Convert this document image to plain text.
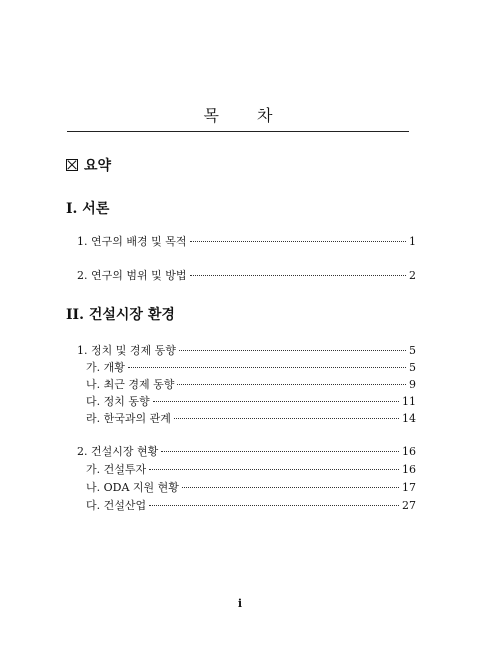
목 차
요약
I. 서론
1. 연구의 배경 및 목적	1
2. 연구의 범위 및 방법	2
II. 건설시장 환경
1. 정치 및 경제 동향	5
가. 개황	5
나. 최근 경제 동향	9
다. 정치 동향	11
라. 한국과의 관계	14
2. 건설시장 현황	16
가. 건설투자	16
나. ODA 지원 현황	17
다. 건설산업	27
i
